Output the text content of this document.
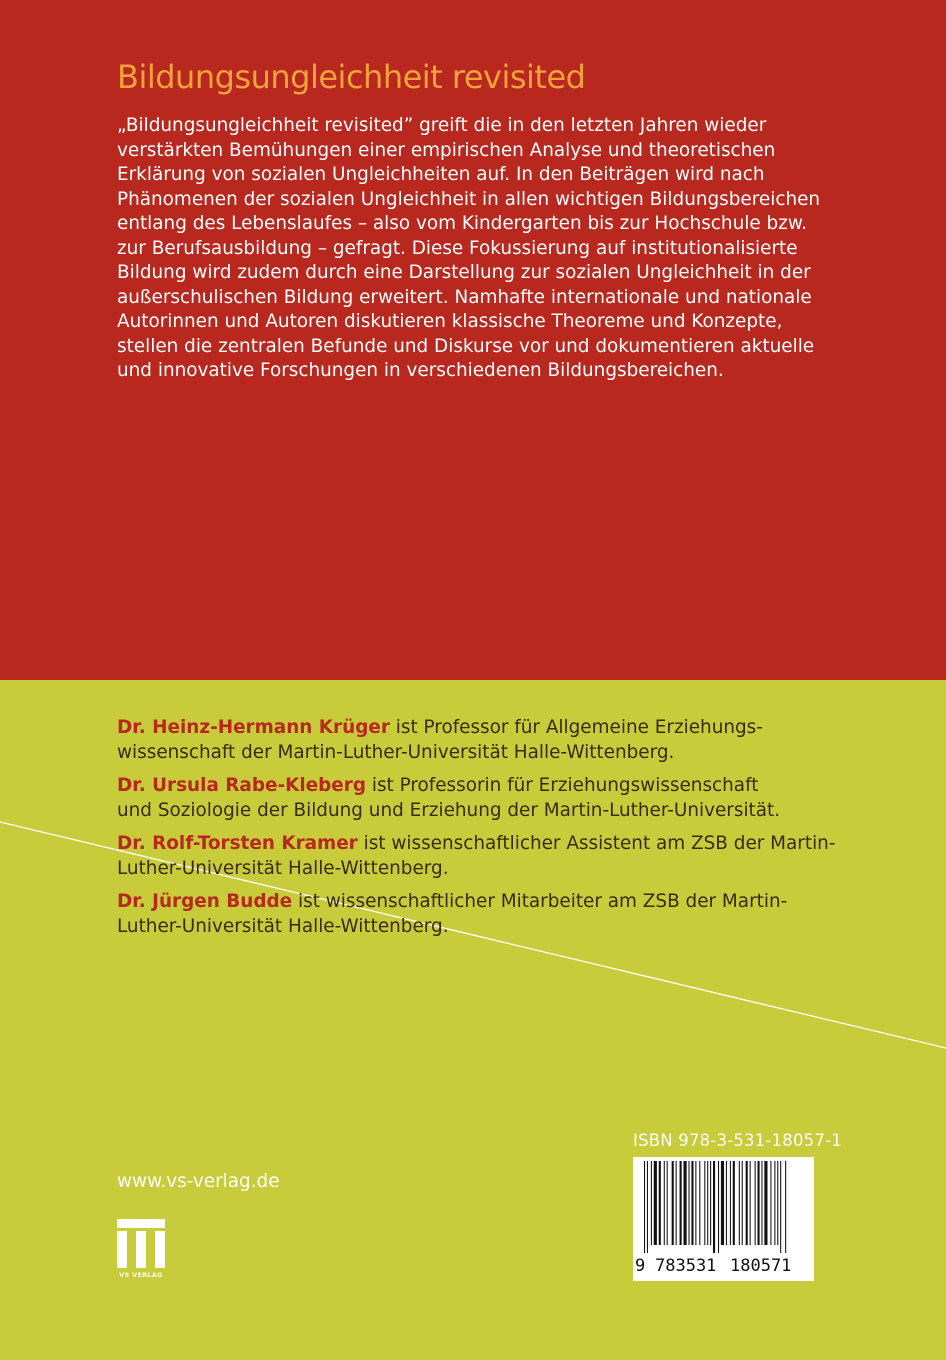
Bildungsungleichheit revisited

„Bildungsungleichheit revisited” greift die in den letzten Jahren wieder
verstärkten Bemühungen einer empirischen Analyse und theoretischen
Erklärung von sozialen Ungleichheiten auf. In den Beiträgen wird nach
Phänomenen der sozialen Ungleichheit in allen wichtigen Bildungsbereichen
entlang des Lebenslaufes – also vom Kindergarten bis zur Hochschule bzw.
zur Berufsausbildung – gefragt. Diese Fokussierung auf institutionalisierte
Bildung wird zudem durch eine Darstellung zur sozialen Ungleichheit in der
außerschulischen Bildung erweitert. Namhafte internationale und nationale
Autorinnen und Autoren diskutieren klassische Theoreme und Konzepte,
stellen die zentralen Befunde und Diskurse vor und dokumentieren aktuelle
und innovative Forschungen in verschiedenen Bildungsbereichen.

Dr. Heinz-Hermann Krüger ist Professor für Allgemeine Erziehungs-
wissenschaft der Martin-Luther-Universität Halle-Wittenberg.

Dr. Ursula Rabe-Kleberg ist Professorin für Erziehungswissenschaft
und Soziologie der Bildung und Erziehung der Martin-Luther-Universität.

Dr. Rolf-Torsten Kramer ist wissenschaftlicher Assistent am ZSB der Martin-
Luther-Universität Halle-Wittenberg.

Dr. Jürgen Budde ist wissenschaftlicher Mitarbeiter am ZSB der Martin-
Luther-Universität Halle-Wittenberg.

www.vs-verlag.de
VS VERLAG
ISBN 978-3-531-18057-1
9 783531 180571
